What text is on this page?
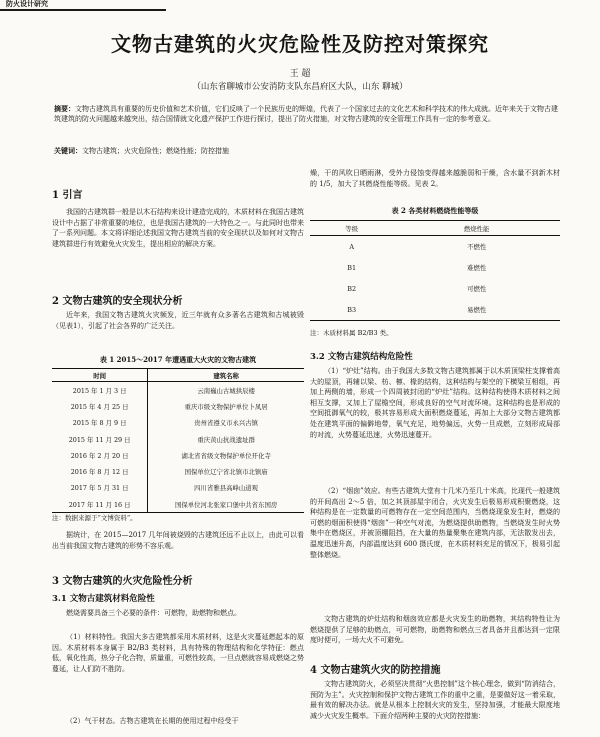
防火设计研究
文物古建筑的火灾危险性及防控对策探究
王 超
（山东省聊城市公安消防支队东昌府区大队，山东 聊城）
摘要：文物古建筑具有重要的历史价值和艺术价值，它们反映了一个民族历史的辉煌，代表了一个国家过去的文化艺术和科学技术的伟大成就。近年来关于文物古建筑建筑的防火问题越来越突出，结合国情就文化遗产保护工作进行探讨，提出了防火措施，对文物古建筑的安全管理工作具有一定的参考意义。
关键词：文物古建筑；火灾危险性；燃烧性能；防控措施
1 引言
我国的古建筑群一般是以木石结构来设计建造完成的，木质材料在我国古建筑设计中占据了非常重要的地位，也是我国古建筑的一大特色之一。与此同时也带来了一系列问题。本文将详细论述我国文物古建筑当前的安全现状以及如何对文物古建筑群进行有效避免火灾发生，提出相应的解决方案。
2 文物古建筑的安全现状分析
近年来，我国文物古建筑火灾频发，近三年就有众多著名古建筑和古城被毁（见表1），引起了社会各界的广泛关注。
表 1 2015～2017 年遭遇重大火灾的文物古建筑
时间	建筑名称
2015 年 1 月 3 日	云南巍山古城拱辰楼
2015 年 4 月 25 日	重庆市级文物保护单位卜凤居
2015 年 8 月 9 日	贵州省遵义市永兴古镇
2015 年 11 月 29 日	重庆黄山抗战遗址群
2016 年 2 月 20 日	湖北省省级文物保护单位开化寺
2016 年 8 月 12 日	国保单位辽宁省北镇市北镇庙
2017 年 5 月 31 日	四川省雅县高峰山道观
2017 年 11 月 16 日	国保单位河北张家口堡中共省东国房
注：数据来源于“文博资料”。
据统计，在 2015—2017 几年间被烧毁的古建筑还远不止以上，由此可以看出当前我国文物古建筑的形势不容乐观。
3 文物古建筑的火灾危险性分析
3.1 文物古建筑材料危险性
燃烧需要具备三个必要的条件：可燃物，助燃物和燃点。
（1）材料特性。我国大多古建筑都采用木质材料，这是火灾蔓延燃起本的原因。木质材料本身属于 B2/B3 类材料，具有特殊的物理结构和化学特征：燃点低，氧化性高，热分子化合物，质量重，可燃性较高，一旦点燃就容易成燃烧之势蔓延，让人们防不胜防。
（2）气干材态。古物古建筑在长期的使用过程中经受干
燥，干的风吹日晒雨淋，受外力侵蚀变得越来越脆弱和干燥，含水量不到新木材的 1/5，加大了其燃烧性能等级。见表 2。
表 2 各类材料燃烧性能等级
等级	燃烧性能
A	不燃性
B1	难燃性
B2	可燃性
B3	易燃性
注：木质材料属 B2/B3 类。
3.2 文物古建筑结构危险性
（1）“炉灶”结构。由于我国大多数文物古建筑都属于以木质顶梁柱支撑着高大的屋顶，再辅以梁、枋、檩、椽的结构，这种结构与架空的下横梁互相组，再加上两侧的墙，形成一个四周被封闭的“炉灶”结构。这种结构使得木质材料之间相互支撑，又加上了屋檐空间，形成良好的空气对流环境。这种结构也是形成的空间抵御氧气的较，极其容易形成大面积燃烧蔓延，再加上大部分文物古建筑都处在建筑平面的偏僻地带，氧气充足，地势偏远，火势一旦成燃，立刻形成局部的对流，火势蔓延迅速，火势迅速蔓开。
（2）“烟囱”效应。有些古建筑大堂有十几米乃至几十米高，比现代一般建筑的开间高出 2～5 倍，加之其顶部屋宇闭合，火灾发生后极易形成积聚燃烧，这种结构是在一定数量的可燃物存在一定空间范围内，当燃烧现象发生时，燃烧的可燃的烟面积使得“烟囱”一种空气对流，为燃烧提供助燃物，当燃烧发生时火势集中在燃烧区，并被顶棚阻挡，在大量的热量聚集在建筑内部，无法散发出去，温度迅速升高，内部温度达到 600 摄氏度，在木质材料充足的情况下，极易引起整体燃烧。
文物古建筑的炉灶结构和烟囱效应都是火灾发生的助燃物，其结构特性让为燃烧提供了足够的助燃点，可可燃物，助燃物和燃点三者具备并且都达到一定限度时便可，一场大火不可避免。
4 文物古建筑火灾的防控措施
文物古建筑防火，必须坚决贯彻“火患控制”这个核心理念，做到“防消结合，预防为主”。火灾控制和保护文物古建筑工作的重中之重，是要做好这一着采取，最有效的解决办法。就是从根本上控制火灾的发生，坚持加强，才能最大限度地减少火灾发生概率。下面介绍两种主要的火灾防控措施：
